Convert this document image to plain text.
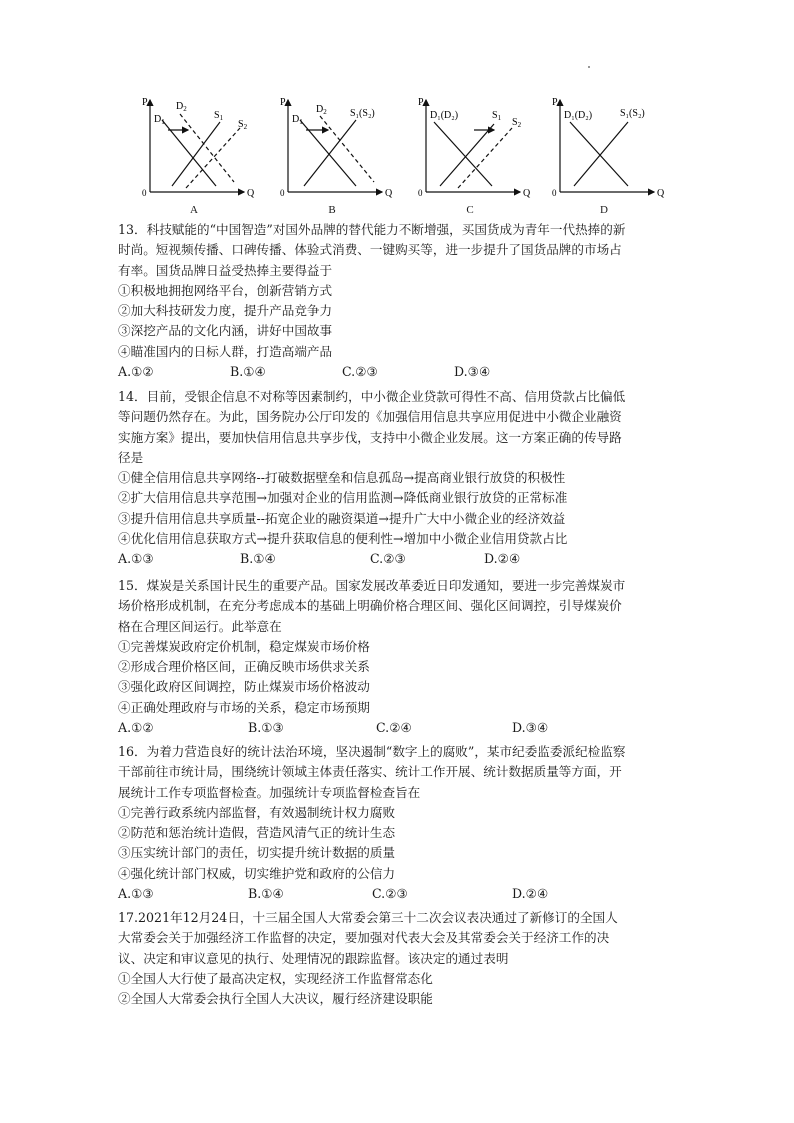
P
Q
0
$D_1$
$D_2$
$S_1$
$S_2$
A
P
Q
0
$D_1$
$D_2$ S₁(S₂)
B
P
Q
0
D₁(D₂)	$S_1$ $S_2$
C
P
Q
0
D₁(D₂)	S₁(S₂)
D
13．科技赋能的“中国智造”对国外品牌的替代能力不断增强，买国货成为青年一代热捧的新
时尚。短视频传播、口碑传播、体验式消费、一键购买等，进一步提升了国货品牌的市场占
有率。国货品牌日益受热捧主要得益于
①积极地拥抱网络平台，创新营销方式
②加大科技研发力度，提升产品竞争力
③深挖产品的文化内涵，讲好中国故事
④瞄准国内的日标人群，打造高端产品
A.①②	B.①④	C.②③	D.③④
14．目前，受银企信息不对称等因素制约，中小微企业贷款可得性不高、信用贷款占比偏低
等问题仍然存在。为此，国务院办公厅印发的《加强信用信息共享应用促进中小微企业融资
实施方案》提出，要加快信用信息共享步伐，支持中小微企业发展。这一方案正确的传导路
径是
①健全信用信息共享网络--打破数据壁垒和信息孤岛→提高商业银行放贷的积极性
②扩大信用信息共享范围→加强对企业的信用监测→降低商业银行放贷的正常标准
③提升信用信息共享质量--拓宽企业的融资渠道→提升广大中小微企业的经济效益
④优化信用信息获取方式→提升获取信息的便利性→增加中小微企业信用贷款占比
A.①③	B.①④	C.②③	D.②④
15．煤炭是关系国计民生的重要产品。国家发展改革委近日印发通知，要进一步完善煤炭市
场价格形成机制，在充分考虑成本的基础上明确价格合理区间、强化区间调控，引导煤炭价
格在合理区间运行。此举意在
①完善煤炭政府定价机制，稳定煤炭市场价格
②形成合理价格区间，正确反映市场供求关系
③强化政府区间调控，防止煤炭市场价格波动
④正确处理政府与市场的关系，稳定市场预期
A.①②	B.①③	C.②④	D.③④
16．为着力营造良好的统计法治环境，坚决遏制“数字上的腐败”，某市纪委监委派纪检监察
干部前往市统计局，围绕统计领域主体责任落实、统计工作开展、统计数据质量等方面，开
展统计工作专项监督检查。加强统计专项监督检查旨在
①完善行政系统内部监督，有效遏制统计权力腐败
②防范和惩治统计造假，营造风清气正的统计生态
③压实统计部门的责任，切实提升统计数据的质量
④强化统计部门权威，切实维护党和政府的公信力
A.①③	B.①④	C.②③	D.②④
17.2021年12月24日，十三届全国人大常委会第三十二次会议表决通过了新修订的全国人
大常委会关于加强经济工作监督的决定，要加强对代表大会及其常委会关于经济工作的决
议、决定和审议意见的执行、处理情况的跟踪监督。该决定的通过表明
①全国人大行使了最高决定权，实现经济工作监督常态化
②全国人大常委会执行全国人大决议，履行经济建设职能
